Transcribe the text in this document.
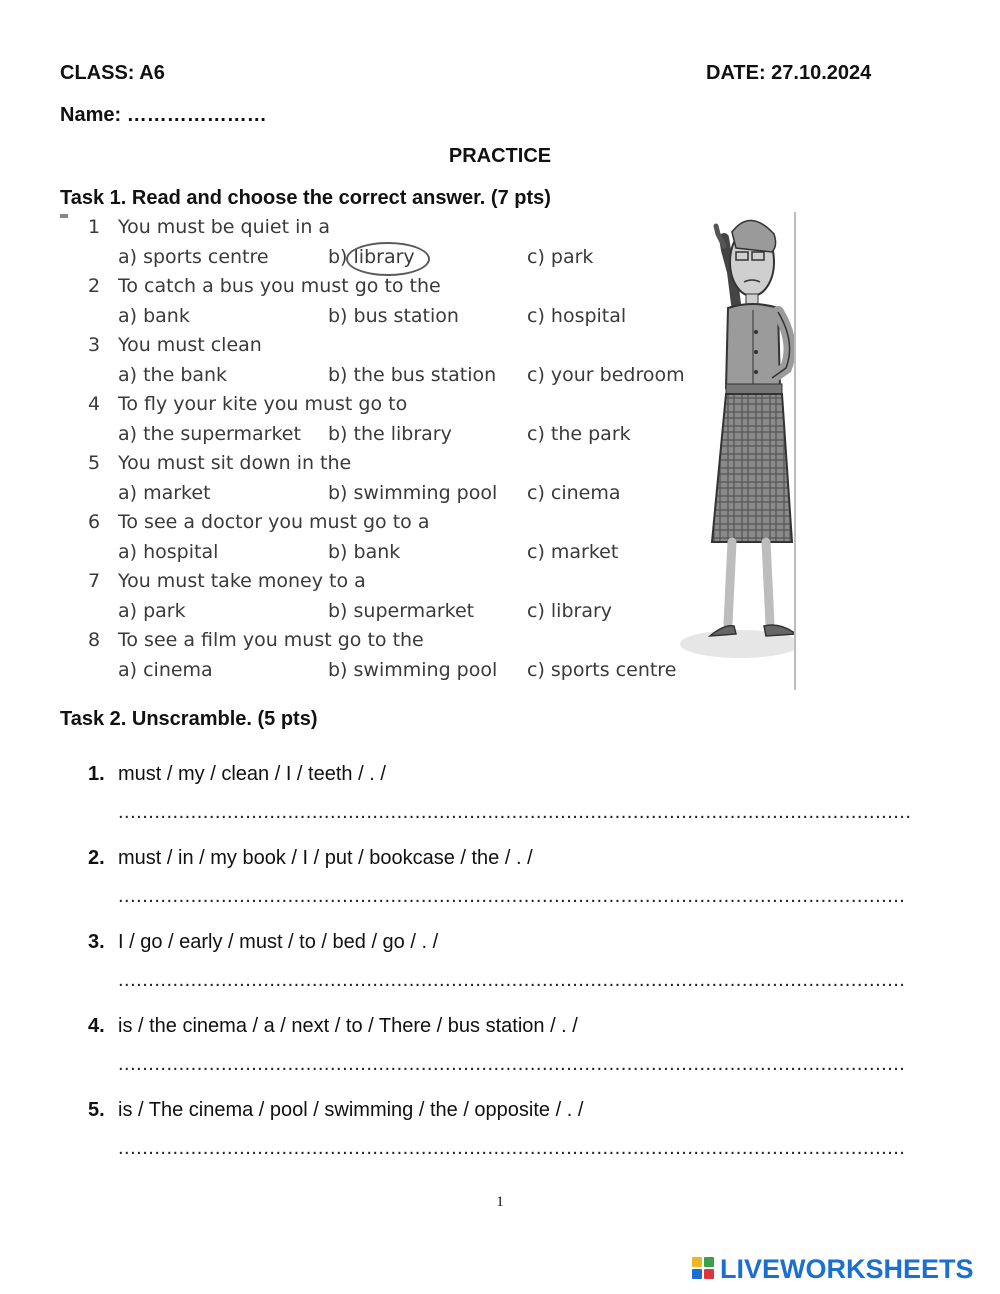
CLASS: A6	DATE: 27.10.2024
Name: …………………
PRACTICE
Task 1. Read and choose the correct answer. (7 pts)
1 You must be quiet in a
a) sports centre	b) library	c) park
2 To catch a bus you must go to the
a) bank	b) bus station	c) hospital
3 You must clean
a) the bank	b) the bus station c) your bedroom
4 To fly your kite you must go to
a) the supermarket b) the library	c) the park
5 You must sit down in the
a) market	b) swimming pool c) cinema
6 To see a doctor you must go to a
a) hospital	b) bank	c) market
7 You must take money to a
a) park	b) supermarket	c) library
8 To see a film you must go to the
a) cinema	b) swimming pool c) sports centre
Task 2. Unscramble. (5 pts)
1. must / my / clean / I / teeth / . /
...................................................................................................................................
2. must / in / my book / I / put / bookcase / the / . /
..................................................................................................................................
3. I / go / early / must / to / bed / go / . /
..................................................................................................................................
4. is / the cinema / a / next / to / There / bus station / . /
..................................................................................................................................
5. is / The cinema / pool / swimming / the / opposite / . /
..................................................................................................................................
1
LIVEWORKSHEETS
